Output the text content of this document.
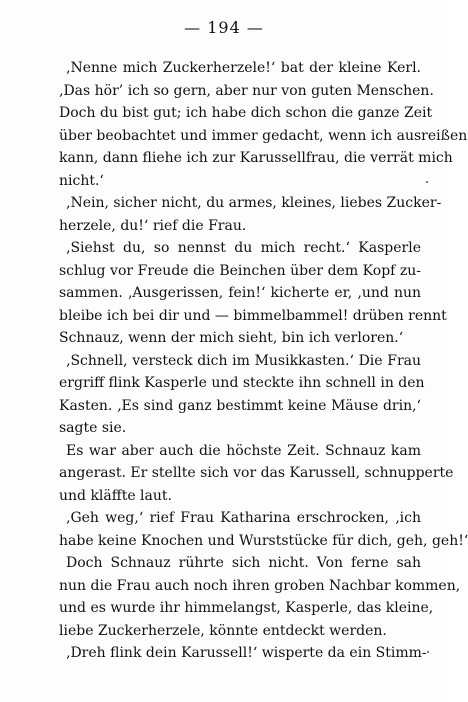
— 194 —
‚Nenne mich Zuckerherzele!‘ bat der kleine Kerl.
‚Das hör’ ich so gern, aber nur von guten Menschen.
Doch du bist gut; ich habe dich schon die ganze Zeit
über beobachtet und immer gedacht, wenn ich ausreißen
kann, dann fliehe ich zur Karussellfrau, die verrät mich
nicht.‘
‚Nein, sicher nicht, du armes, kleines, liebes Zucker-
herzele, du!‘ rief die Frau.
‚Siehst du, so nennst du mich recht.‘ Kasperle
schlug vor Freude die Beinchen über dem Kopf zu-
sammen. ‚Ausgerissen, fein!‘ kicherte er, ‚und nun
bleibe ich bei dir und — bimmelbammel! drüben rennt
Schnauz, wenn der mich sieht, bin ich verloren.‘
‚Schnell, versteck dich im Musikkasten.‘ Die Frau
ergriff flink Kasperle und steckte ihn schnell in den
Kasten. ‚Es sind ganz bestimmt keine Mäuse drin,‘
sagte sie.
Es war aber auch die höchste Zeit. Schnauz kam
angerast. Er stellte sich vor das Karussell, schnupperte
und kläffte laut.
‚Geh weg,‘ rief Frau Katharina erschrocken, ‚ich
habe keine Knochen und Wurststücke für dich, geh, geh!‘
Doch Schnauz rührte sich nicht. Von ferne sah
nun die Frau auch noch ihren groben Nachbar kommen,
und es wurde ihr himmelangst, Kasperle, das kleine,
liebe Zuckerherzele, könnte entdeckt werden.
‚Dreh flink dein Karussell!‘ wisperte da ein Stimm-
